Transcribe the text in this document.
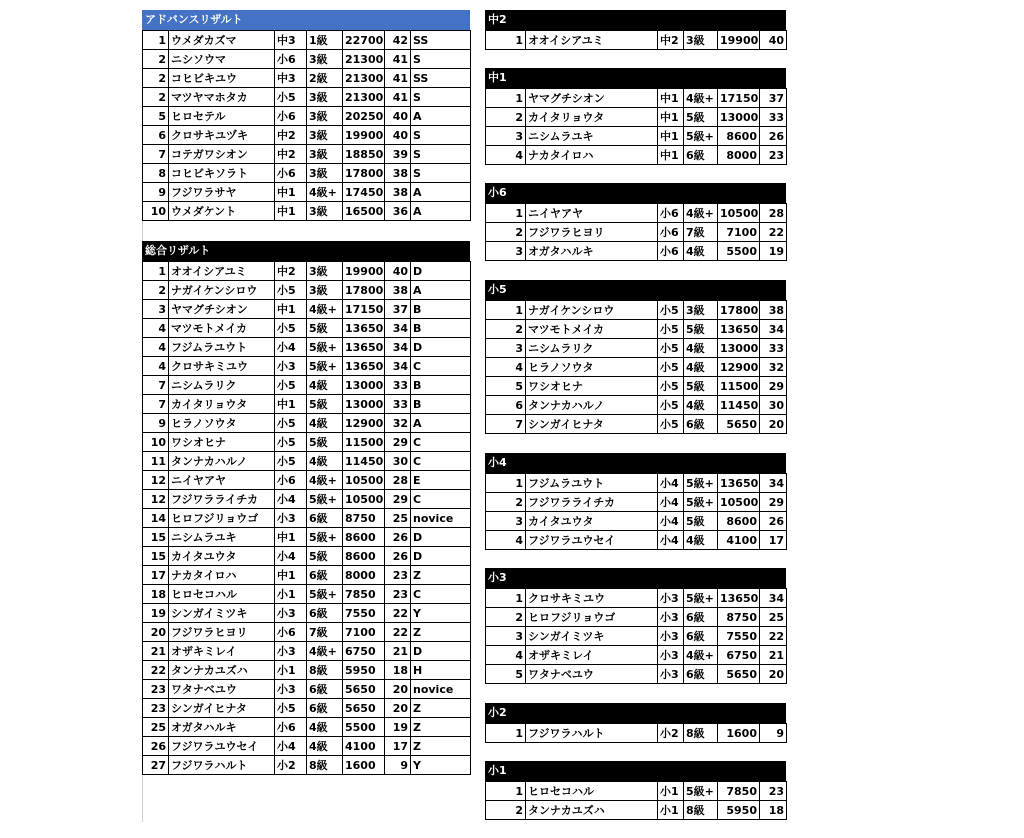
アドバンスリザルト
1	ウメダカズマ	中3	1級	22700	42	SS
2	ニシソウマ	小6	3級	21300	41	S
2	コヒビキユウ	中3	2級	21300	41	SS
2	マツヤマホタカ	小5	3級	21300	41	S
5	ヒロセテル	小6	3級	20250	40	A
6	クロサキユヅキ	中2	3級	19900	40	S
7	コテガワシオン	中2	3級	18850	39	S
8	コヒビキソラト	小6	3級	17800	38	S
9	フジワラサヤ	中1	4級+	17450	38	A
10	ウメダケント	中1	3級	16500	36	A
総合リザルト
1	オオイシアユミ	中2	3級	19900	40	D
2	ナガイケンシロウ	小5	3級	17800	38	A
3	ヤマグチシオン	中1	4級+	17150	37	B
4	マツモトメイカ	小5	5級	13650	34	B
4	フジムラユウト	小4	5級+	13650	34	D
4	クロサキミユウ	小3	5級+	13650	34	C
7	ニシムラリク	小5	4級	13000	33	B
7	カイタリョウタ	中1	5級	13000	33	B
9	ヒラノソウタ	小5	4級	12900	32	A
10	ワシオヒナ	小5	5級	11500	29	C
11	タンナカハルノ	小5	4級	11450	30	C
12	ニイヤアヤ	小6	4級+	10500	28	E
12	フジワラライチカ	小4	5級+	10500	29	C
14	ヒロフジリョウゴ	小3	6級	8750	25	novice
15	ニシムラユキ	中1	5級+	8600	26	D
15	カイタユウタ	小4	5級	8600	26	D
17	ナカタイロハ	中1	6級	8000	23	Z
18	ヒロセコハル	小1	5級+	7850	23	C
19	シンガイミツキ	小3	6級	7550	22	Y
20	フジワラヒヨリ	小6	7級	7100	22	Z
21	オザキミレイ	小3	4級+	6750	21	D
22	タンナカユズハ	小1	8級	5950	18	H
23	ワタナベユウ	小3	6級	5650	20	novice
23	シンガイヒナタ	小5	6級	5650	20	Z
25	オガタハルキ	小6	4級	5500	19	Z
26	フジワラユウセイ	小4	4級	4100	17	Z
27	フジワラハルト	小2	8級	1600	9	Y
中2
1	オオイシアユミ	中2	3級	19900	40
中1
1	ヤマグチシオン	中1	4級+	17150	37
2	カイタリョウタ	中1	5級	13000	33
3	ニシムラユキ	中1	5級+	8600	26
4	ナカタイロハ	中1	6級	8000	23
小6
1	ニイヤアヤ	小6	4級+	10500	28
2	フジワラヒヨリ	小6	7級	7100	22
3	オガタハルキ	小6	4級	5500	19
小5
1	ナガイケンシロウ	小5	3級	17800	38
2	マツモトメイカ	小5	5級	13650	34
3	ニシムラリク	小5	4級	13000	33
4	ヒラノソウタ	小5	4級	12900	32
5	ワシオヒナ	小5	5級	11500	29
6	タンナカハルノ	小5	4級	11450	30
7	シンガイヒナタ	小5	6級	5650	20
小4
1	フジムラユウト	小4	5級+	13650	34
2	フジワラライチカ	小4	5級+	10500	29
3	カイタユウタ	小4	5級	8600	26
4	フジワラユウセイ	小4	4級	4100	17
小3
1	クロサキミユウ	小3	5級+	13650	34
2	ヒロフジリョウゴ	小3	6級	8750	25
3	シンガイミツキ	小3	6級	7550	22
4	オザキミレイ	小3	4級+	6750	21
5	ワタナベユウ	小3	6級	5650	20
小2
1	フジワラハルト	小2	8級	1600	9
小1
1	ヒロセコハル	小1	5級+	7850	23
2	タンナカユズハ	小1	8級	5950	18
